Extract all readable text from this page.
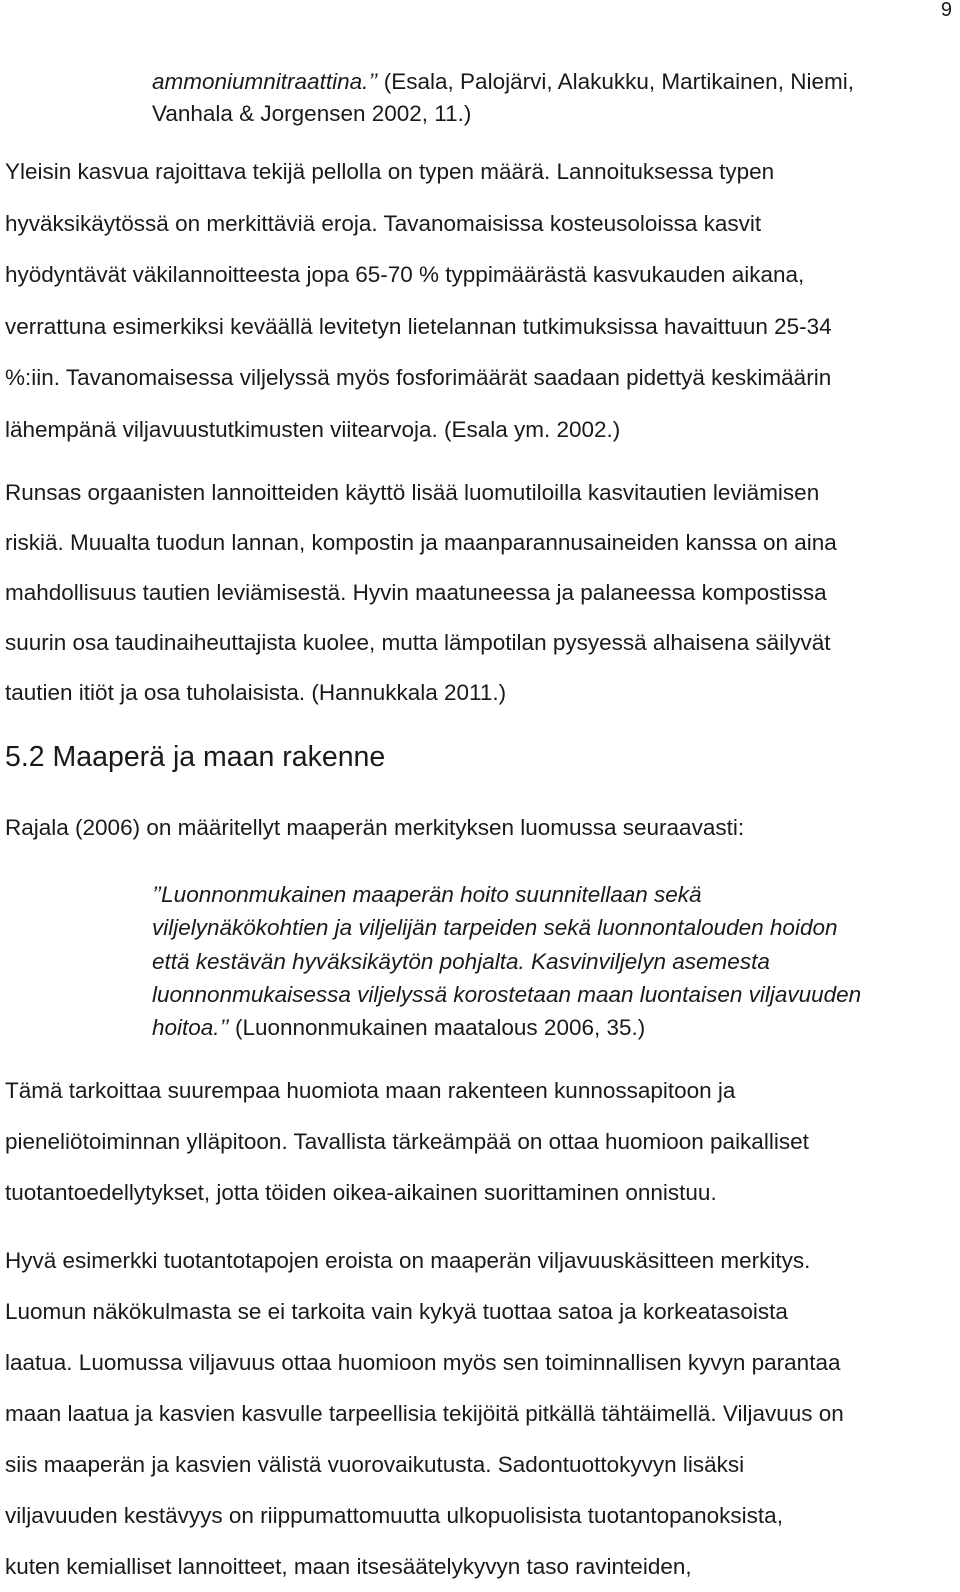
9
ammoniumnitraattina.’’ (Esala, Palojärvi, Alakukku, Martikainen, Niemi,
Vanhala & Jorgensen 2002, 11.)
Yleisin kasvua rajoittava tekijä pellolla on typen määrä. Lannoituksessa typen
hyväksikäytössä on merkittäviä eroja. Tavanomaisissa kosteusoloissa kasvit
hyödyntävät väkilannoitteesta jopa 65-70 % typpimäärästä kasvukauden aikana,
verrattuna esimerkiksi keväällä levitetyn lietelannan tutkimuksissa havaittuun 25-34
%:iin. Tavanomaisessa viljelyssä myös fosforimäärät saadaan pidettyä keskimäärin
lähempänä viljavuustutkimusten viitearvoja. (Esala ym. 2002.)
Runsas orgaanisten lannoitteiden käyttö lisää luomutiloilla kasvitautien leviämisen
riskiä. Muualta tuodun lannan, kompostin ja maanparannusaineiden kanssa on aina
mahdollisuus tautien leviämisestä. Hyvin maatuneessa ja palaneessa kompostissa
suurin osa taudinaiheuttajista kuolee, mutta lämpotilan pysyessä alhaisena säilyvät
tautien itiöt ja osa tuholaisista. (Hannukkala 2011.)
5.2 Maaperä ja maan rakenne
Rajala (2006) on määritellyt maaperän merkityksen luomussa seuraavasti:
’’Luonnonmukainen maaperän hoito suunnitellaan sekä
viljelynäkökohtien ja viljelijän tarpeiden sekä luonnontalouden hoidon
että kestävän hyväksikäytön pohjalta. Kasvinviljelyn asemesta
luonnonmukaisessa viljelyssä korostetaan maan luontaisen viljavuuden
hoitoa.’’ (Luonnonmukainen maatalous 2006, 35.)
Tämä tarkoittaa suurempaa huomiota maan rakenteen kunnossapitoon ja
pieneliötoiminnan ylläpitoon. Tavallista tärkeämpää on ottaa huomioon paikalliset
tuotantoedellytykset, jotta töiden oikea-aikainen suorittaminen onnistuu.
Hyvä esimerkki tuotantotapojen eroista on maaperän viljavuuskäsitteen merkitys.
Luomun näkökulmasta se ei tarkoita vain kykyä tuottaa satoa ja korkeatasoista
laatua. Luomussa viljavuus ottaa huomioon myös sen toiminnallisen kyvyn parantaa
maan laatua ja kasvien kasvulle tarpeellisia tekijöitä pitkällä tähtäimellä. Viljavuus on
siis maaperän ja kasvien välistä vuorovaikutusta. Sadontuottokyvyn lisäksi
viljavuuden kestävyys on riippumattomuutta ulkopuolisista tuotantopanoksista,
kuten kemialliset lannoitteet, maan itsesäätelykyvyn taso ravinteiden,
